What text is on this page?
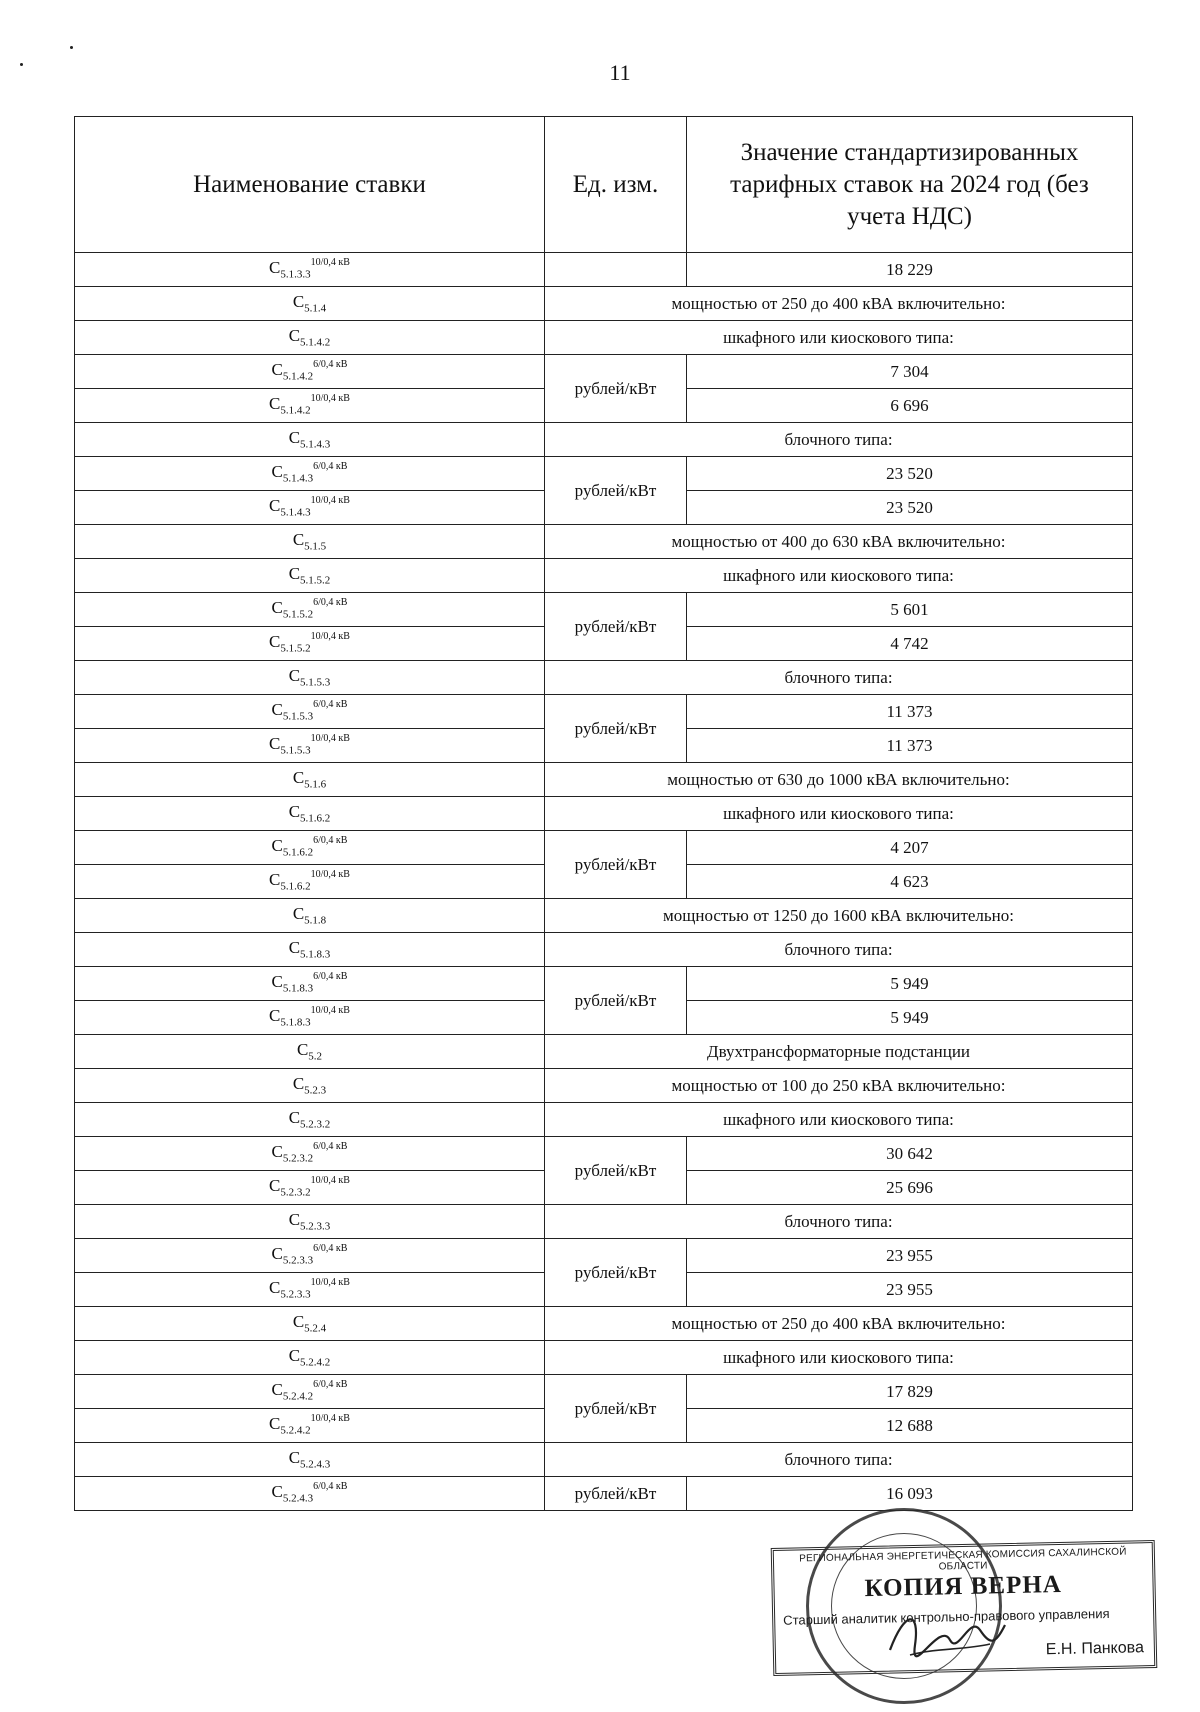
11
Наименование ставки	Ед. изм.	Значение стандартизированных тарифных ставок на 2024 год (без учета НДС)
$C_{5.1.3.3}^{10/0,4 кВ}$		18 229
$C_{5.1.4}$	мощностью от 250 до 400 кВА включительно:	
$C_{5.1.4.2}$	шкафного или киоскового типа:	
$C_{5.1.4.2}^{6/0,4 кВ}$	рублей/кВт	7 304
$C_{5.1.4.2}^{10/0,4 кВ}$		6 696
$C_{5.1.4.3}$	блочного типа:	
$C_{5.1.4.3}^{6/0,4 кВ}$	рублей/кВт	23 520
$C_{5.1.4.3}^{10/0,4 кВ}$		23 520
$C_{5.1.5}$	мощностью от 400 до 630 кВА включительно:	
$C_{5.1.5.2}$	шкафного или киоскового типа:	
$C_{5.1.5.2}^{6/0,4 кВ}$	рублей/кВт	5 601
$C_{5.1.5.2}^{10/0,4 кВ}$		4 742
$C_{5.1.5.3}$	блочного типа:	
$C_{5.1.5.3}^{6/0,4 кВ}$	рублей/кВт	11 373
$C_{5.1.5.3}^{10/0,4 кВ}$		11 373
$C_{5.1.6}$	мощностью от 630 до 1000 кВА включительно:	
$C_{5.1.6.2}$	шкафного или киоскового типа:	
$C_{5.1.6.2}^{6/0,4 кВ}$	рублей/кВт	4 207
$C_{5.1.6.2}^{10/0,4 кВ}$		4 623
$C_{5.1.8}$	мощностью от 1250 до 1600 кВА включительно:	
$C_{5.1.8.3}$	блочного типа:	
$C_{5.1.8.3}^{6/0,4 кВ}$	рублей/кВт	5 949
$C_{5.1.8.3}^{10/0,4 кВ}$		5 949
$C_{5.2}$	Двухтрансформаторные подстанции	
$C_{5.2.3}$	мощностью от 100 до 250 кВА включительно:	
$C_{5.2.3.2}$	шкафного или киоскового типа:	
$C_{5.2.3.2}^{6/0,4 кВ}$	рублей/кВт	30 642
$C_{5.2.3.2}^{10/0,4 кВ}$		25 696
$C_{5.2.3.3}$	блочного типа:	
$C_{5.2.3.3}^{6/0,4 кВ}$	рублей/кВт	23 955
$C_{5.2.3.3}^{10/0,4 кВ}$		23 955
$C_{5.2.4}$	мощностью от 250 до 400 кВА включительно:	
$C_{5.2.4.2}$	шкафного или киоскового типа:	
$C_{5.2.4.2}^{6/0,4 кВ}$	рублей/кВт	17 829
$C_{5.2.4.2}^{10/0,4 кВ}$		12 688
$C_{5.2.4.3}$	блочного типа:	
$C_{5.2.4.3}^{6/0,4 кВ}$	рублей/кВт	16 093
РЕГИОНАЛЬНАЯ ЭНЕРГЕТИЧЕСКАЯ КОМИССИЯ САХАЛИНСКОЙ ОБЛАСТИ
КОПИЯ ВЕРНА
Старший аналитик контрольно-правового управления
Е.Н. Панкова
